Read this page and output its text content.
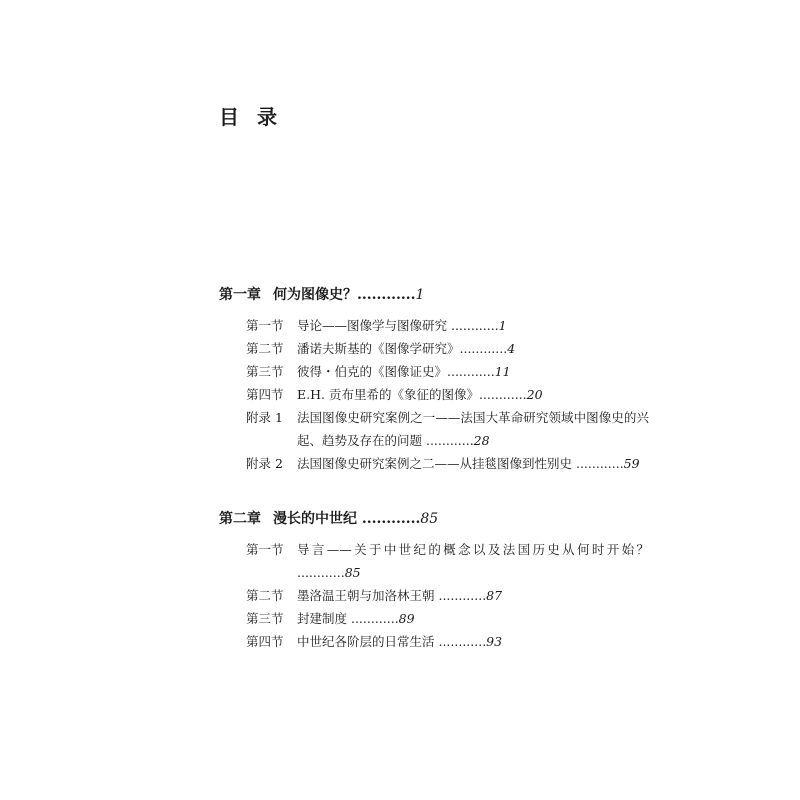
目 录
第一章 何为图像史？............1
第一节	导论——图像学与图像研究 ............1
第二节	潘诺夫斯基的《图像学研究》............4
第三节	彼得・伯克的《图像证史》............11
第四节	E.H. 贡布里希的《象征的图像》............20
附录 1	法国图像史研究案例之一——法国大革命研究领域中图像史的兴起、趋势及存在的问题 ............28
附录 2	法国图像史研究案例之二——从挂毯图像到性别史 ............59
第二章 漫长的中世纪 ............85
第一节	导言——关于中世纪的概念以及法国历史从何时开始？ ............85
第二节	墨洛温王朝与加洛林王朝 ............87
第三节	封建制度 ............89
第四节	中世纪各阶层的日常生活 ............93
